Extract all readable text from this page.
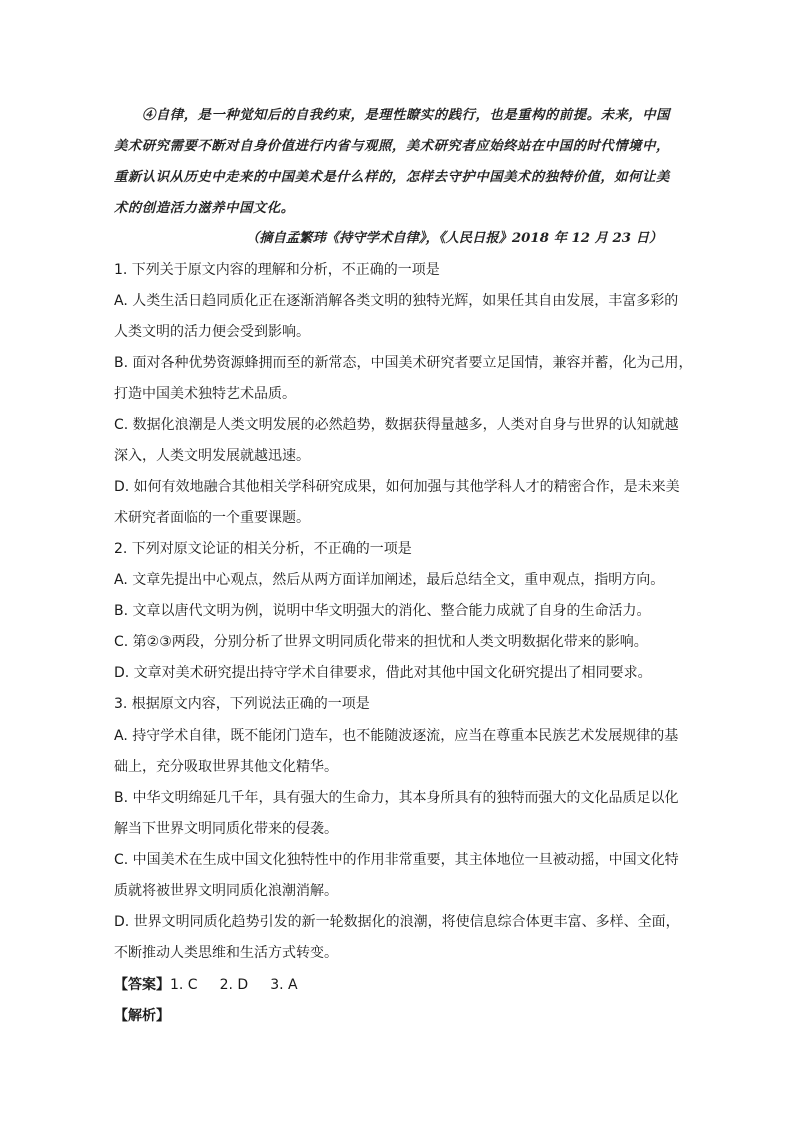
④自律，是一种觉知后的自我约束，是理性瞭实的践行，也是重构的前提。未来，中国
美术研究需要不断对自身价值进行内省与观照，美术研究者应始终站在中国的时代情境中，
重新认识从历史中走来的中国美术是什么样的，怎样去守护中国美术的独特价值，如何让美
术的创造活力滋养中国文化。
（摘自孟繁玮《持守学术自律》，《人民日报》2018 年 12 月 23 日）
1. 下列关于原文内容的理解和分析，不正确的一项是
A. 人类生活日趋同质化正在逐渐消解各类文明的独特光辉，如果任其自由发展，丰富多彩的
人类文明的活力便会受到影响。
B. 面对各种优势资源蜂拥而至的新常态，中国美术研究者要立足国情，兼容并蓄，化为己用，
打造中国美术独特艺术品质。
C. 数据化浪潮是人类文明发展的必然趋势，数据获得量越多，人类对自身与世界的认知就越
深入，人类文明发展就越迅速。
D. 如何有效地融合其他相关学科研究成果，如何加强与其他学科人才的精密合作，是未来美
术研究者面临的一个重要课题。
2. 下列对原文论证的相关分析，不正确的一项是
A. 文章先提出中心观点，然后从两方面详加阐述，最后总结全文，重申观点，指明方向。
B. 文章以唐代文明为例，说明中华文明强大的消化、整合能力成就了自身的生命活力。
C. 第②③两段，分别分析了世界文明同质化带来的担忧和人类文明数据化带来的影响。
D. 文章对美术研究提出持守学术自律要求，借此对其他中国文化研究提出了相同要求。
3. 根据原文内容，下列说法正确的一项是
A. 持守学术自律，既不能闭门造车，也不能随波逐流，应当在尊重本民族艺术发展规律的基
础上，充分吸取世界其他文化精华。
B. 中华文明绵延几千年，具有强大的生命力，其本身所具有的独特而强大的文化品质足以化
解当下世界文明同质化带来的侵袭。
C. 中国美术在生成中国文化独特性中的作用非常重要，其主体地位一旦被动摇，中国文化特
质就将被世界文明同质化浪潮消解。
D. 世界文明同质化趋势引发的新一轮数据化的浪潮，将使信息综合体更丰富、多样、全面，
不断推动人类思维和生活方式转变。
【答案】1. C 2. D 3. A
【解析】
